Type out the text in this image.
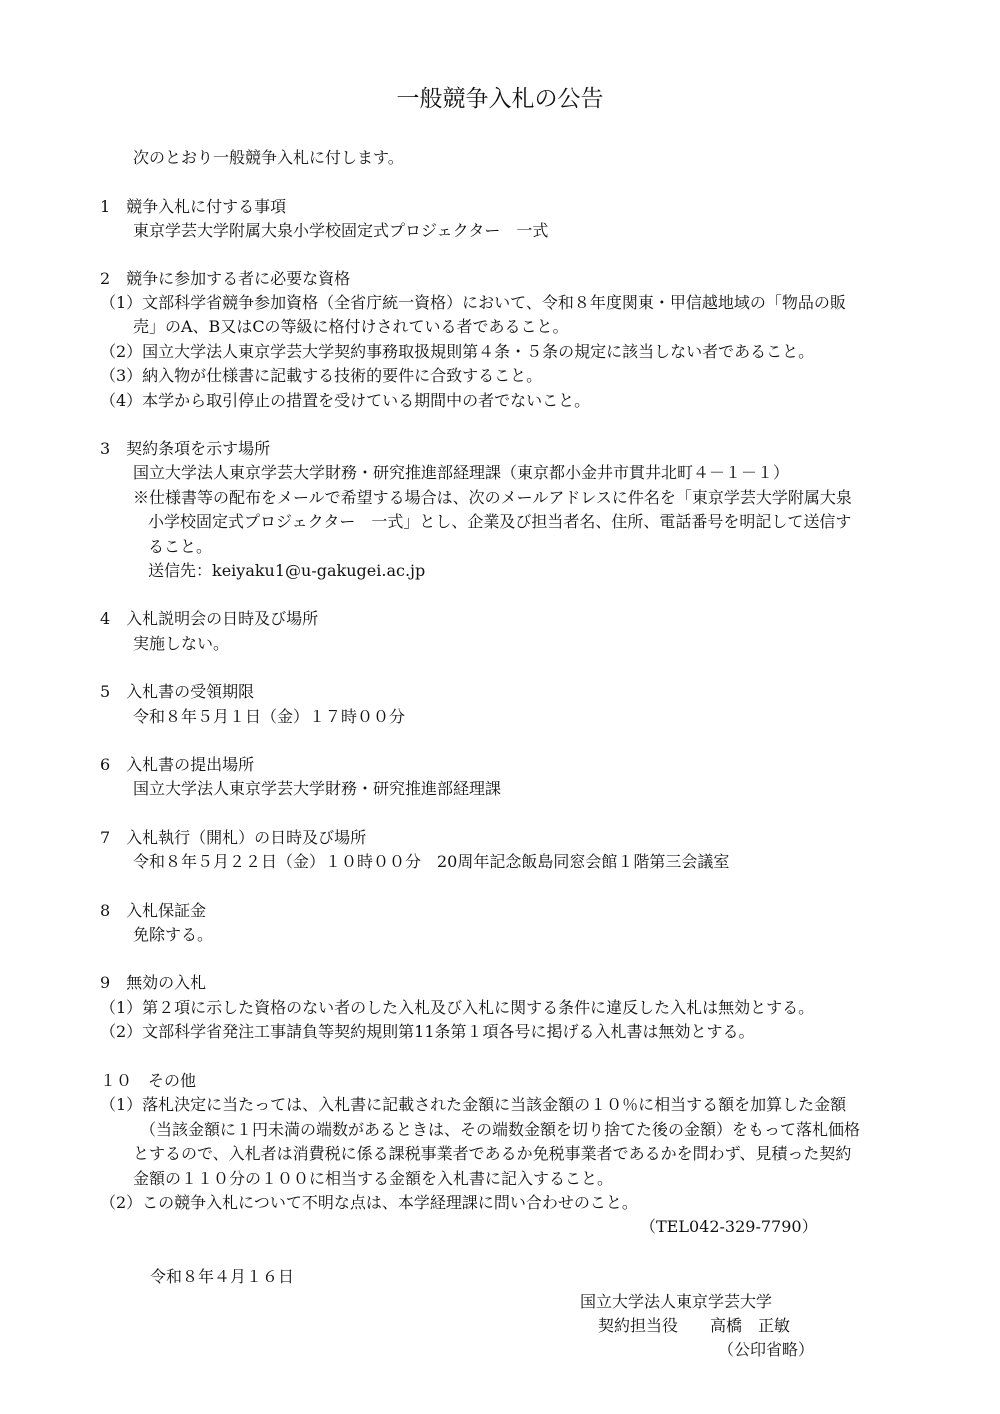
一般競争入札の公告
次のとおり一般競争入札に付します。
1　競争入札に付する事項
東京学芸大学附属大泉小学校固定式プロジェクター　一式
2　競争に参加する者に必要な資格
（1）文部科学省競争参加資格（全省庁統一資格）において、令和８年度関東・甲信越地域の「物品の販
売」のA、B又はCの等級に格付けされている者であること。
（2）国立大学法人東京学芸大学契約事務取扱規則第４条・５条の規定に該当しない者であること。
（3）納入物が仕様書に記載する技術的要件に合致すること。
（4）本学から取引停止の措置を受けている期間中の者でないこと。
3　契約条項を示す場所
国立大学法人東京学芸大学財務・研究推進部経理課（東京都小金井市貫井北町４－１－１）
※仕様書等の配布をメールで希望する場合は、次のメールアドレスに件名を「東京学芸大学附属大泉
小学校固定式プロジェクター　一式」とし、企業及び担当者名、住所、電話番号を明記して送信す
ること。
送信先：keiyaku1@u-gakugei.ac.jp
4　入札説明会の日時及び場所
実施しない。
5　入札書の受領期限
令和８年５月１日（金）１７時００分
6　入札書の提出場所
国立大学法人東京学芸大学財務・研究推進部経理課
7　入札執行（開札）の日時及び場所
令和８年５月２２日（金）１０時００分　20周年記念飯島同窓会館１階第三会議室
8　入札保証金
免除する。
9　無効の入札
（1）第２項に示した資格のない者のした入札及び入札に関する条件に違反した入札は無効とする。
（2）文部科学省発注工事請負等契約規則第11条第１項各号に掲げる入札書は無効とする。
１０　その他
（1）落札決定に当たっては、入札書に記載された金額に当該金額の１０％に相当する額を加算した金額
（当該金額に１円未満の端数があるときは、その端数金額を切り捨てた後の金額）をもって落札価格
とするので、入札者は消費税に係る課税事業者であるか免税事業者であるかを問わず、見積った契約
金額の１１０分の１００に相当する金額を入札書に記入すること。
（2）この競争入札について不明な点は、本学経理課に問い合わせのこと。
（TEL042-329-7790）
令和８年４月１６日
国立大学法人東京学芸大学
契約担当役　　高橋　正敏
（公印省略）
